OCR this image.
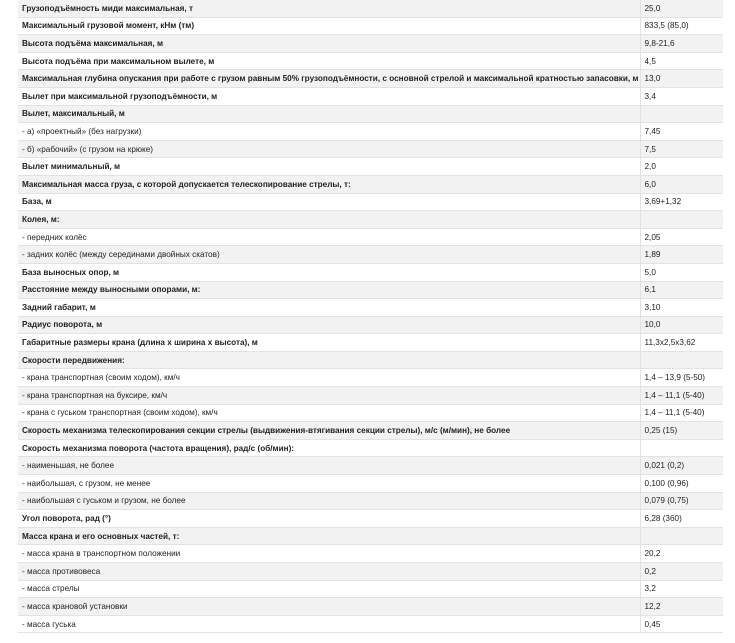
Грузоподъёмность миди максимальная, т	25,0
Максимальный грузовой момент, кНм (тм)	833,5 (85,0)
Высота подъёма максимальная, м	9,8-21,6
Высота подъёма при максимальном вылете, м	4,5
Максимальная глубина опускания при работе с грузом равным 50% грузоподъёмности, с основной стрелой и максимальной кратностью запасовки, м	13,0
Вылет при максимальной грузоподъёмности, м	3,4
Вылет, максимальный, м	
- а) «проектный» (без нагрузки)	7,45
- б) «рабочий» (с грузом на крюке)	7,5
Вылет минимальный, м	2,0
Максимальная масса груза, с которой допускается телескопирование стрелы, т:	6,0
База, м	3,69+1,32
Колея, м:	
- передних колёс	2,05
- задних колёс (между серединами двойных скатов)	1,89
База выносных опор, м	5,0
Расстояние между выносными опорами, м:	6,1
Задний габарит, м	3,10
Радиус поворота, м	10,0
Габаритные размеры крана (длина х ширина х высота), м	11,3х2,5х3,62
Скорости передвижения:	
- крана транспортная (своим ходом), км/ч	1,4 – 13,9 (5-50)
- крана транспортная на буксире, км/ч	1,4 – 11,1 (5-40)
- крана с гуськом транспортная (своим ходом), км/ч	1,4 – 11,1 (5-40)
Скорость механизма телескопирования секции стрелы (выдвижения-втягивания секции стрелы), м/с (м/мин), не более	0,25 (15)
Скорость механизма поворота (частота вращения), рад/с (об/мин):	
- наименьшая, не более	0,021 (0,2)
- наибольшая, с грузом, не менее	0,100 (0,96)
- наибольшая с гуськом и грузом, не более	0,079 (0,75)
Угол поворота, рад (°)	6,28 (360)
Масса крана и его основных частей, т:	
- масса крана в транспортном положении	20,2
- масса противовеса	0,2
- масса стрелы	3,2
- масса крановой установки	12,2
- масса гуська	0,45
